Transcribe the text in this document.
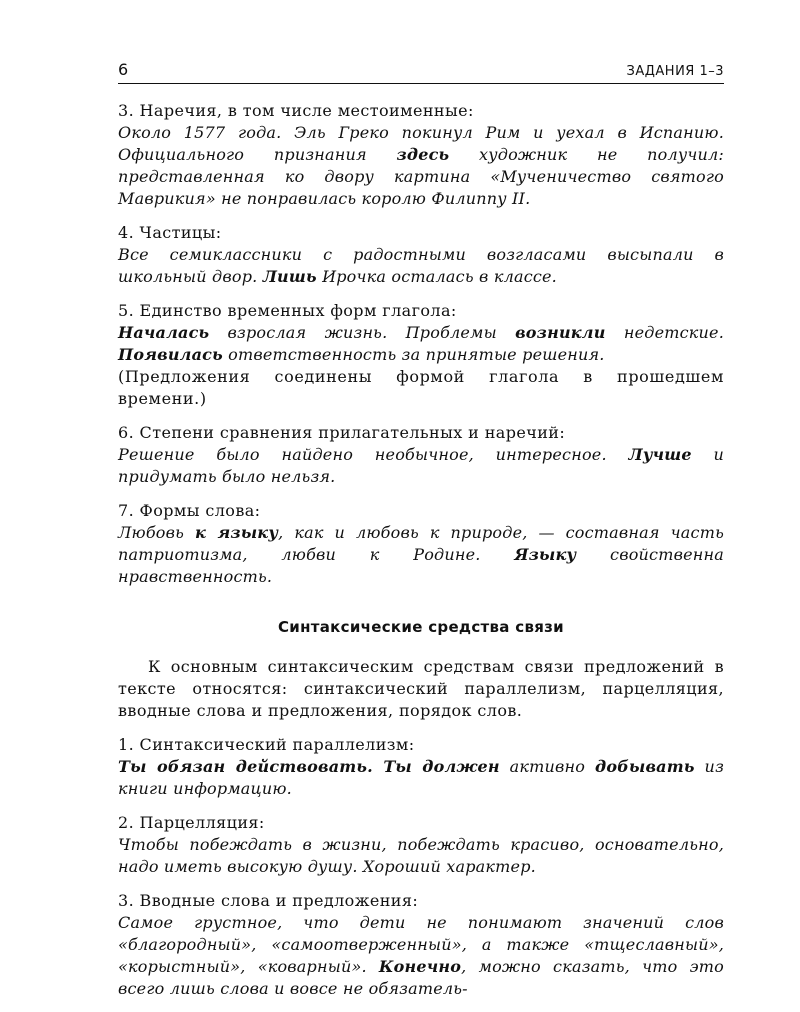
6	ЗАДАНИЯ 1–3
3. Наречия, в том числе местоименные:
Около 1577 года. Эль Греко покинул Рим и уехал в Испанию. Официального признания здесь художник не получил: представленная ко двору картина «Мученичество святого Маврикия» не понравилась королю Филиппу II.
4. Частицы:
Все семиклассники с радостными возгласами высыпали в школьный двор. Лишь Ирочка осталась в классе.
5. Единство временных форм глагола:
Началась взрослая жизнь. Проблемы возникли недетские. Появилась ответственность за принятые решения.
(Предложения соединены формой глагола в прошедшем времени.)
6. Степени сравнения прилагательных и наречий:
Решение было найдено необычное, интересное. Лучше и придумать было нельзя.
7. Формы слова:
Любовь к языку, как и любовь к природе, — составная часть патриотизма, любви к Родине. Языку свойственна нравственность.
Синтаксические средства связи
К основным синтаксическим средствам связи предложений в тексте относятся: синтаксический параллелизм, парцелляция, вводные слова и предложения, порядок слов.
1. Синтаксический параллелизм:
Ты обязан действовать. Ты должен активно добывать из книги информацию.
2. Парцелляция:
Чтобы побеждать в жизни, побеждать красиво, основательно, надо иметь высокую душу. Хороший характер.
3. Вводные слова и предложения:
Самое грустное, что дети не понимают значений слов «благородный», «самоотверженный», а также «тщеславный», «корыстный», «коварный». Конечно, можно сказать, что это всего лишь слова и вовсе не обязатель-
